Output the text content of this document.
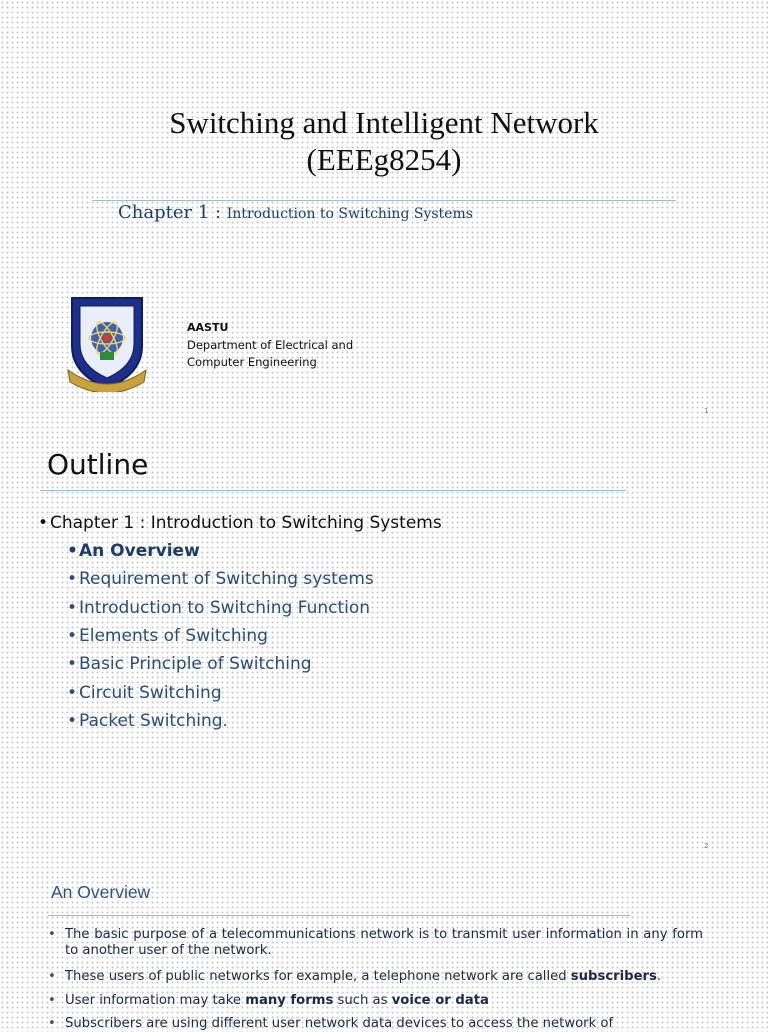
Switching and Intelligent Network
(EEEg8254)
Chapter 1 : Introduction to Switching Systems
AASTU
Department of Electrical and
Computer Engineering
1
Outline
• Chapter 1 : Introduction to Switching Systems
•An Overview
• Requirement of Switching systems
• Introduction to Switching Function
• Elements of Switching
• Basic Principle of Switching
• Circuit Switching
• Packet Switching.
2
An Overview
• The basic purpose of a telecommunications network is to transmit user information in any form to another user of the network.
• These users of public networks for example, a telephone network are called subscribers.
• User information may take many forms such as voice or data
• Subscribers are using different user network data devices to access the network of
